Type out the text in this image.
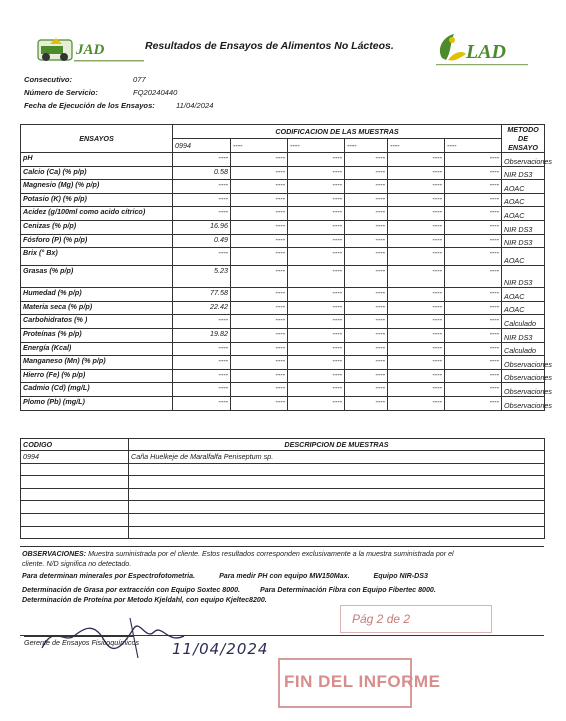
JAD	Resultados de Ensayos de Alimentos No Lácteos.	LAD
Consecutivo:	077
Número de Servicio:	FQ20240440
Fecha de Ejecución de los Ensayos:	11/04/2024
ENSAYOS	CODIFICACION DE LAS MUESTRAS						METODO DE ENSAYO
	0994	----	----	----	----	----	
pH	----	----	----	----	----	----	Observaciones
Calcio (Ca) (% p/p)	0.58	----	----	----	----	----	NIR DS3
Magnesio (Mg) (% p/p)	----	----	----	----	----	----	AOAC
Potasio (K) (% p/p)	----	----	----	----	----	----	AOAC
Acidez (g/100ml como acido cítrico)	----	----	----	----	----	----	AOAC
Cenizas (% p/p)	16.96	----	----	----	----	----	NIR DS3
Fósforo (P) (% p/p)	0.49	----	----	----	----	----	NIR DS3
Brix (° Bx)	----	----	----	----	----	----	AOAC
Grasas (% p/p)	5.23	----	----	----	----	----	NIR DS3
Humedad (% p/p)	77.58	----	----	----	----	----	AOAC
Materia seca (% p/p)	22.42	----	----	----	----	----	AOAC
Carbohidratos (% )	----	----	----	----	----	----	Calculado
Proteínas (% p/p)	19.82	----	----	----	----	----	NIR DS3
Energía (Kcal)	----	----	----	----	----	----	Calculado
Manganeso (Mn) (% p/p)	----	----	----	----	----	----	Observaciones
Hierro (Fe) (% p/p)	----	----	----	----	----	----	Observaciones
Cadmio (Cd) (mg/L)	----	----	----	----	----	----	Observaciones
Plomo (Pb) (mg/L)	----	----	----	----	----	----	Observaciones
CODIGO	DESCRIPCION DE MUESTRAS
0994	Caña Huelkeje de Maralfalfa Peniseptum sp.

OBSERVACIONES: Muestra suministrada por el cliente. Estos resultados corresponden exclusivamente a la muestra suministrada por el
cliente. N/D significa no detectado.
Para determinan minerales por Espectrofotometria.	Para medir PH con equipo MW150Max.	Equipo NIR-DS3
Determinación de Grasa por extracción con Equipo Soxtec 8000.	Para Determinación Fibra con Equipo Fibertec 8000.
Determinación de Proteína por Metodo Kjeldahl, con equipo Kjeltec8200.
Pág 2 de 2
11/04/2024
Gerente de Ensayos Fisicoquímicos
FIN DEL INFORME
